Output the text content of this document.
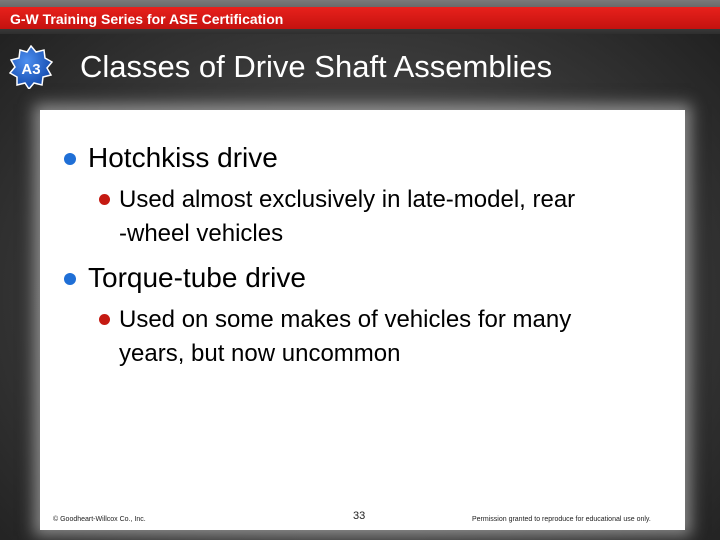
G-W Training Series for ASE Certification
A3 Classes of Drive Shaft Assemblies
Hotchkiss drive
Used almost exclusively in late-model, rear
-wheel vehicles
Torque-tube drive
Used on some makes of vehicles for many
years, but now uncommon
© Goodheart-Willcox Co., Inc.	33	Permission granted to reproduce for educational use only.
